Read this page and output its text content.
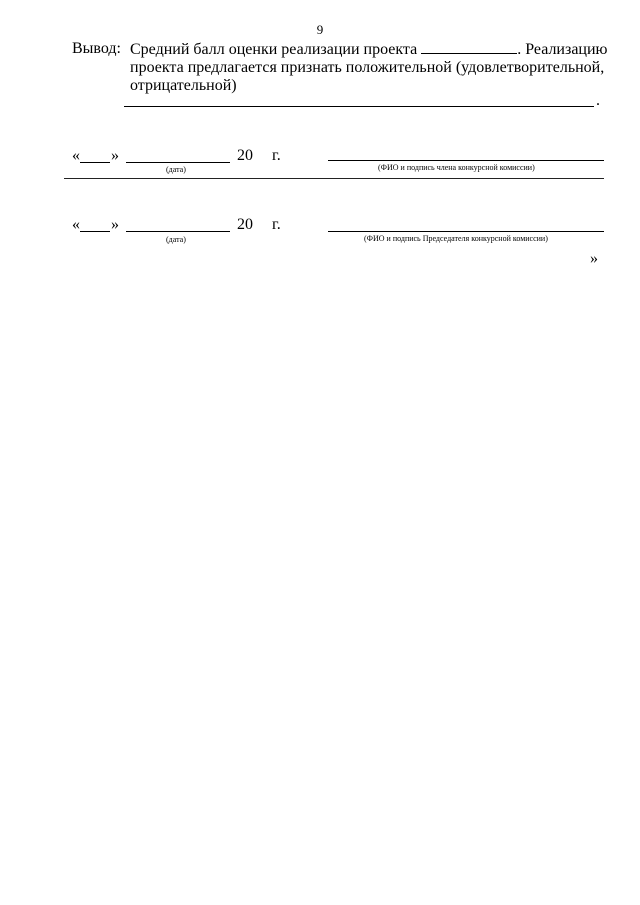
9
Вывод: Средний балл оценки реализации проекта	. Реализацию
проекта предлагается признать положительной (удовлетворительной,
отрицательной)
.
« »	20 г.
(дата)	(ФИО и подпись члена конкурсной комиссии)
« »	20 г.
(дата)	(ФИО и подпись Председателя конкурсной комиссии)
»
